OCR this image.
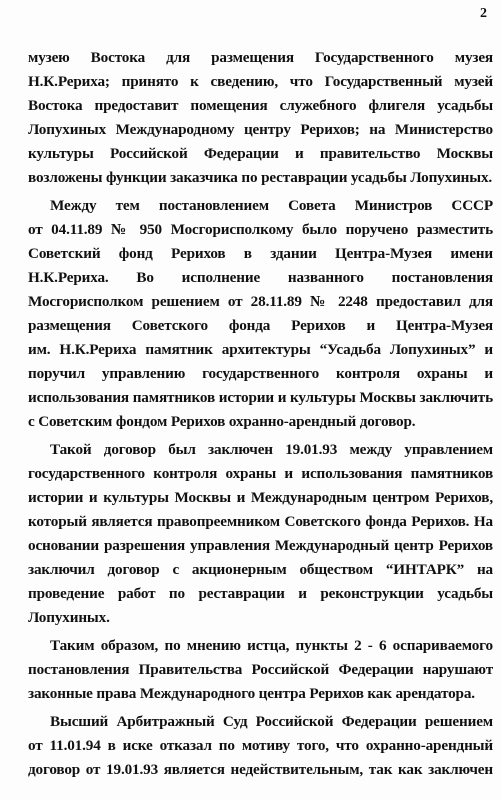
2
музею Востока для размещения Государственного музея
Н.К.Рериха; принято к сведению, что Государственный музей
Востока предоставит помещения служебного флигеля усадьбы
Лопухиных Международному центру Рерихов; на Министерство
культуры Российской Федерации и правительство Москвы
возложены функции заказчика по реставрации усадьбы Лопухиных.
Между тем постановлением Совета Министров СССР
от 04.11.89 № 950 Мосгорисполкому было поручено разместить
Советский фонд Рерихов в здании Центра-Музея имени
Н.К.Рериха. Во исполнение названного постановления
Мосгорисполком решением от 28.11.89 № 2248 предоставил для
размещения Советского фонда Рерихов и Центра-Музея
им. Н.К.Рериха памятник архитектуры “Усадьба Лопухиных” и
поручил управлению государственного контроля охраны и
использования памятников истории и культуры Москвы заключить
с Советским фондом Рерихов охранно-арендный договор.
Такой договор был заключен 19.01.93 между управлением
государственного контроля охраны и использования памятников
истории и культуры Москвы и Международным центром Рерихов,
который является правопреемником Советского фонда Рерихов. На
основании разрешения управления Международный центр Рерихов
заключил договор с акционерным обществом “ИНТАРК” на
проведение работ по реставрации и реконструкции усадьбы
Лопухиных.
Таким образом, по мнению истца, пункты 2 - 6 оспариваемого
постановления Правительства Российской Федерации нарушают
законные права Международного центра Рерихов как арендатора.
Высший Арбитражный Суд Российской Федерации решением
от 11.01.94 в иске отказал по мотиву того, что охранно-арендный
договор от 19.01.93 является недействительным, так как заключен
